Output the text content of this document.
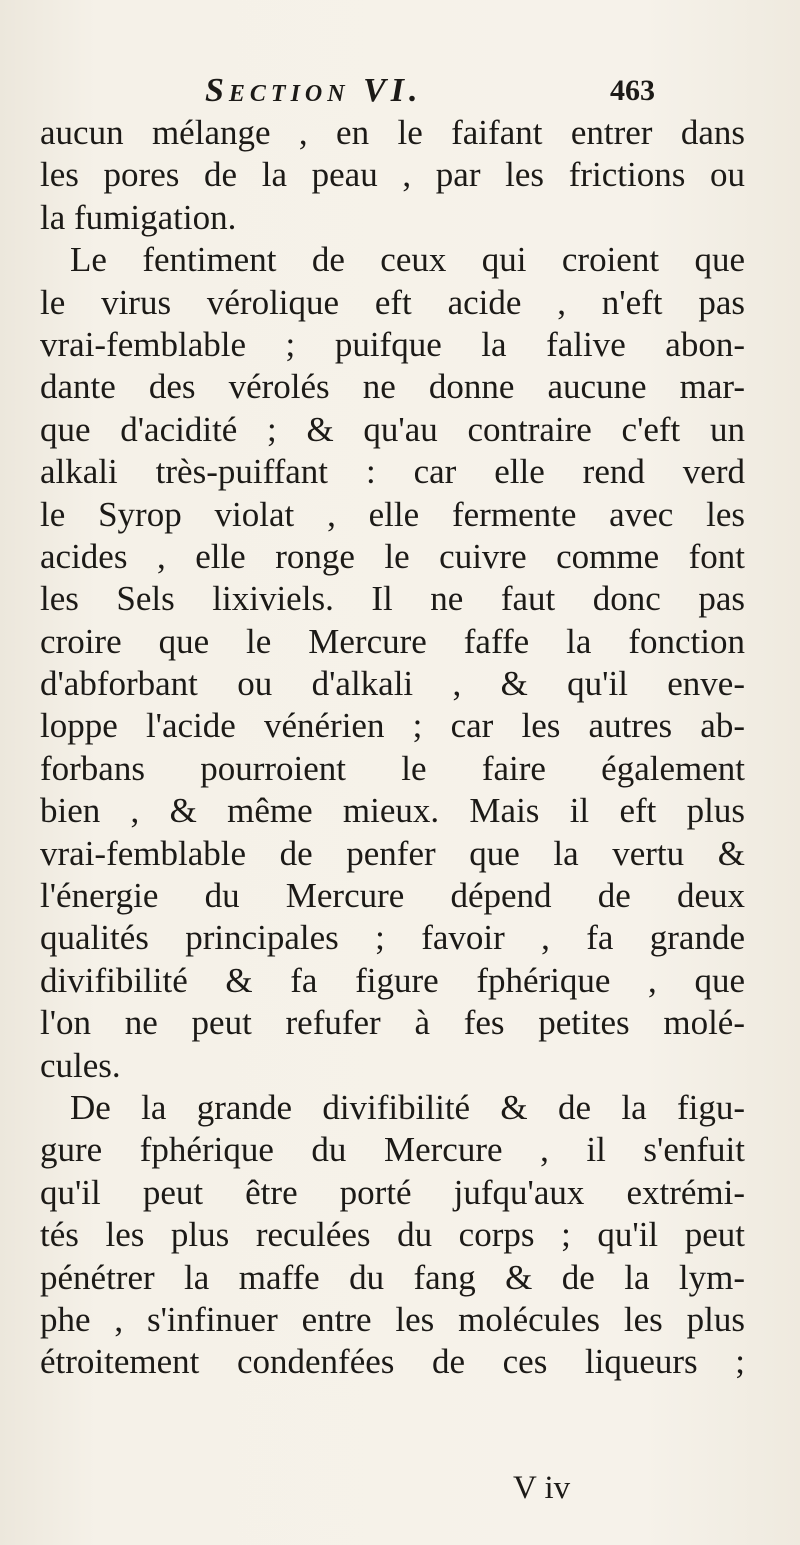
Section VI.	463
aucun mélange , en le faifant entrer dans
les pores de la peau , par les frictions ou
la fumigation.
Le fentiment de ceux qui croient que
le virus vérolique eft acide , n'eft pas
vrai-femblable ; puifque la falive abon-
dante des vérolés ne donne aucune mar-
que d'acidité ; & qu'au contraire c'eft un
alkali très-puiffant : car elle rend verd
le Syrop violat , elle fermente avec les
acides , elle ronge le cuivre comme font
les Sels lixiviels. Il ne faut donc pas
croire que le Mercure faffe la fonction
d'abforbant ou d'alkali , & qu'il enve-
loppe l'acide vénérien ; car les autres ab-
forbans pourroient le faire également
bien , & même mieux. Mais il eft plus
vrai-femblable de penfer que la vertu &
l'énergie du Mercure dépend de deux
qualités principales ; favoir , fa grande
divifibilité & fa figure fphérique , que
l'on ne peut refufer à fes petites molé-
cules.
De la grande divifibilité & de la figu-
gure fphérique du Mercure , il s'enfuit
qu'il peut être porté jufqu'aux extrémi-
tés les plus reculées du corps ; qu'il peut
pénétrer la maffe du fang & de la lym-
phe , s'infinuer entre les molécules les plus
étroitement condenfées de ces liqueurs ;
V iv
